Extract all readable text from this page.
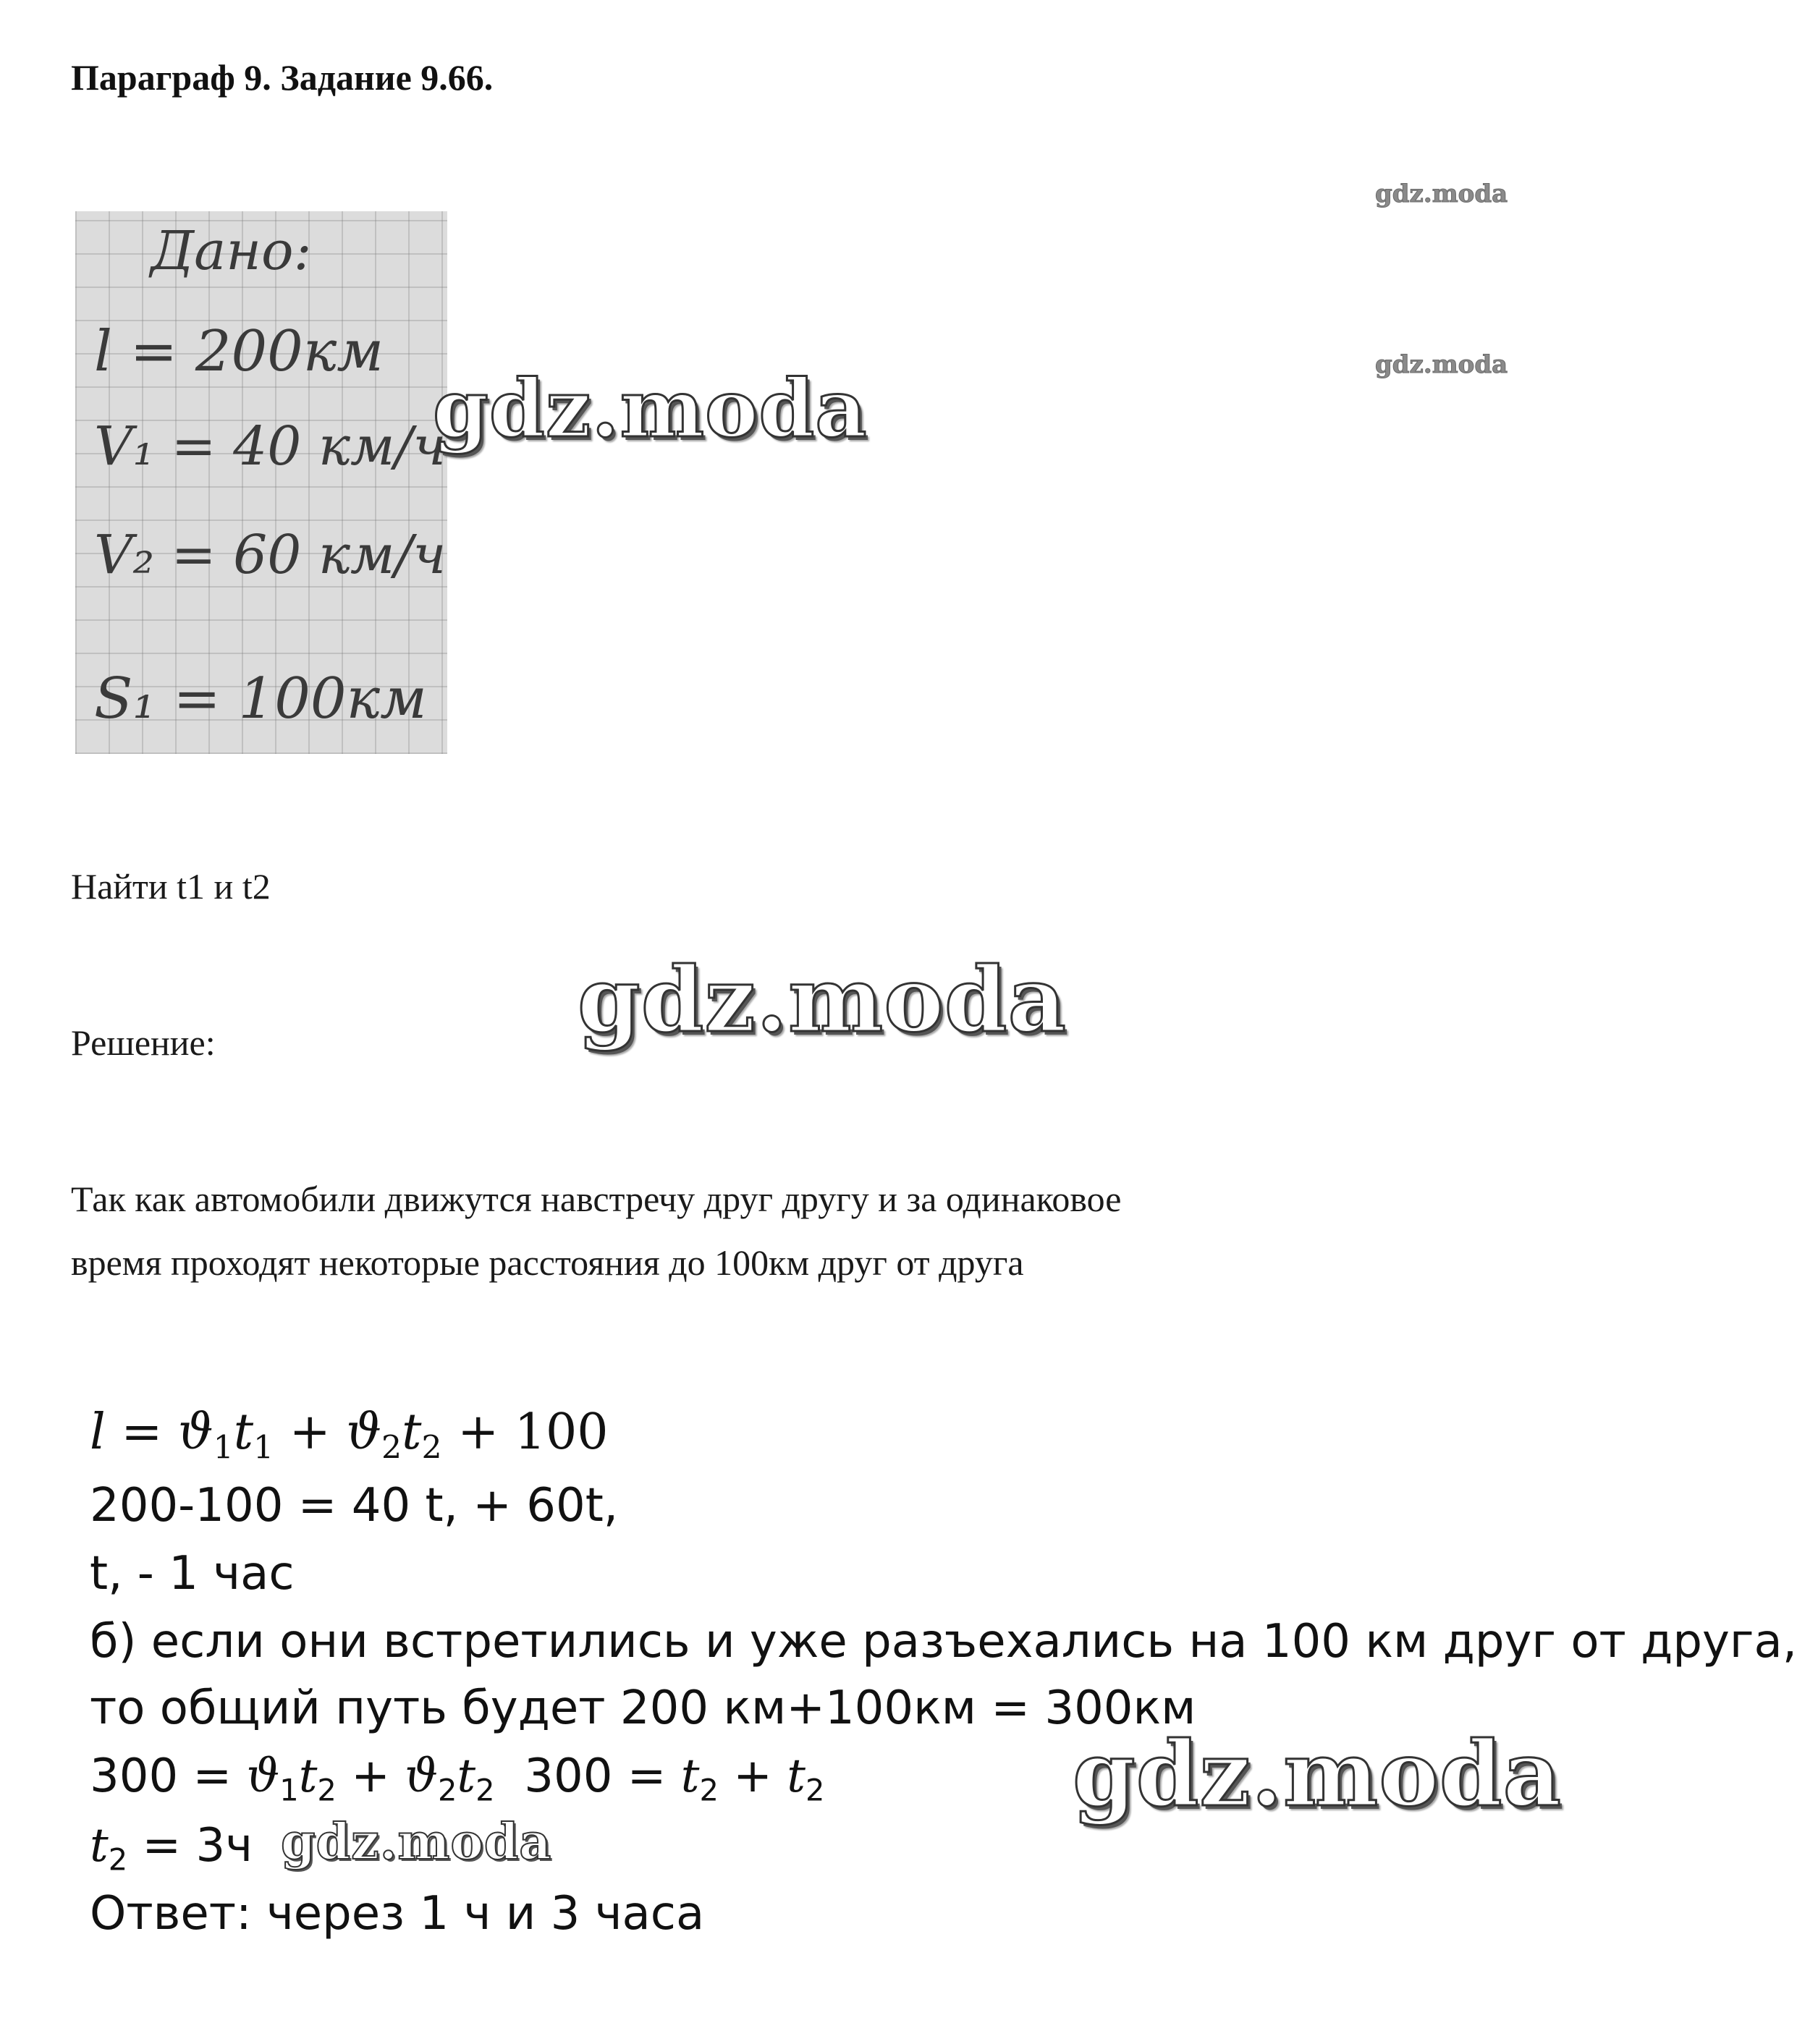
Параграф 9. Задание 9.66.
gdz.moda
gdz.moda
Дано:
l = 200км
V₁ = 40 км/ч
V₂ = 60 км/ч
S₁ = 100км
gdz.moda
Найти t1 и t2
gdz.moda
Решение:
Так как автомобили движутся навстречу друг другу и за одинаковое
время проходят некоторые расстояния до 100км друг от друга
$l = ϑ_1t_1 + ϑ_2t_2 + 100$
200-100 = 40 t, + 60t,
t, - 1 час
б) если они встретились и уже разъехались на 100 км друг от друга,
то общий путь будет 200 км+100км = 300км
$300 = ϑ_1t_2 + ϑ_2t_2$ $300 = t_2 + t_2$	gdz.moda
$t_2 = 3ч$ gdz.moda
Ответ: через 1 ч и 3 часа
